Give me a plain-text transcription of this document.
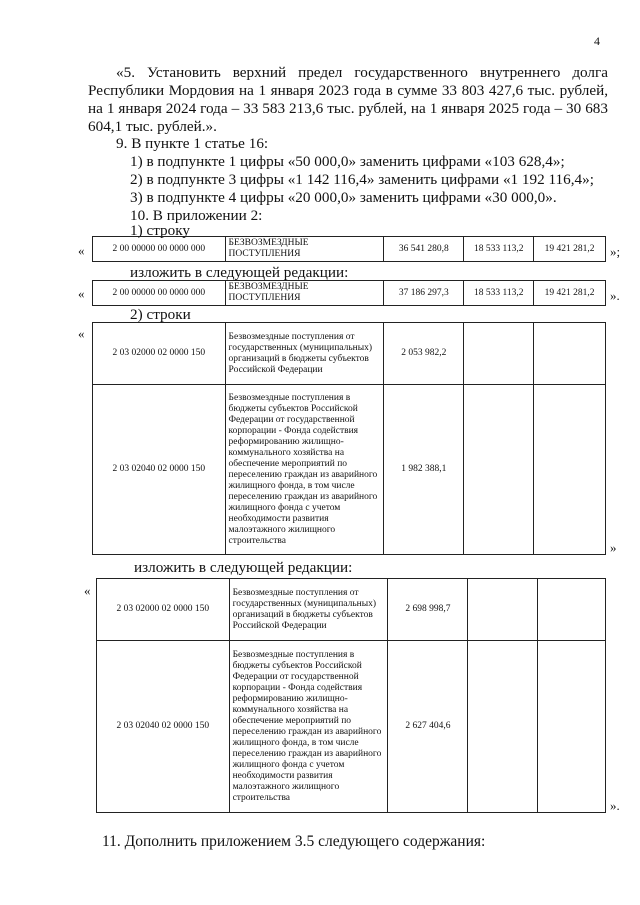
4
«5. Установить верхний предел государственного внутреннего долга Республики Мордовия на 1 января 2023 года в сумме 33 803 427,6 тыс. рублей, на 1 января 2024 года – 33 583 213,6 тыс. рублей, на 1 января 2025 года – 30 683 604,1 тыс. рублей.».
9. В пункте 1 статье 16:
1) в подпункте 1 цифры «50 000,0» заменить цифрами «103 628,4»;
2) в подпункте 3 цифры «1 142 116,4» заменить цифрами «1 192 116,4»;
3) в подпункте 4 цифры «20 000,0» заменить цифрами «30 000,0».
10. В приложении 2:
1) строку
«	2 00 00000 00 0000 000	БЕЗВОЗМЕЗДНЫЕ ПОСТУПЛЕНИЯ	36 541 280,8	18 533 113,2	19 421 281,2 »;
изложить в следующей редакции:
«	2 00 00000 00 0000 000	БЕЗВОЗМЕЗДНЫЕ ПОСТУПЛЕНИЯ	37 186 297,3	18 533 113,2	19 421 281,2 ».
2) строки
«
2 03 02000 02 0000 150	Безвозмездные поступления от государственных (муниципальных) организаций в бюджеты субъектов Российской Федерации	2 053 982,2		
2 03 02040 02 0000 150	Безвозмездные поступления в бюджеты субъектов Российской Федерации от государственной корпорации - Фонда содействия реформированию жилищно-коммунального хозяйства на обеспечение мероприятий по переселению граждан из аварийного жилищного фонда, в том числе переселению граждан из аварийного жилищного фонда с учетом необходимости развития малоэтажного жилищного строительства	1 982 388,1		
»
изложить в следующей редакции:
«
2 03 02000 02 0000 150	Безвозмездные поступления от государственных (муниципальных) организаций в бюджеты субъектов Российской Федерации	2 698 998,7		
2 03 02040 02 0000 150	Безвозмездные поступления в бюджеты субъектов Российской Федерации от государственной корпорации - Фонда содействия реформированию жилищно-коммунального хозяйства на обеспечение мероприятий по переселению граждан из аварийного жилищного фонда, в том числе переселению граждан из аварийного жилищного фонда с учетом необходимости развития малоэтажного жилищного строительства	2 627 404,6		
».
11. Дополнить приложением 3.5 следующего содержания:
